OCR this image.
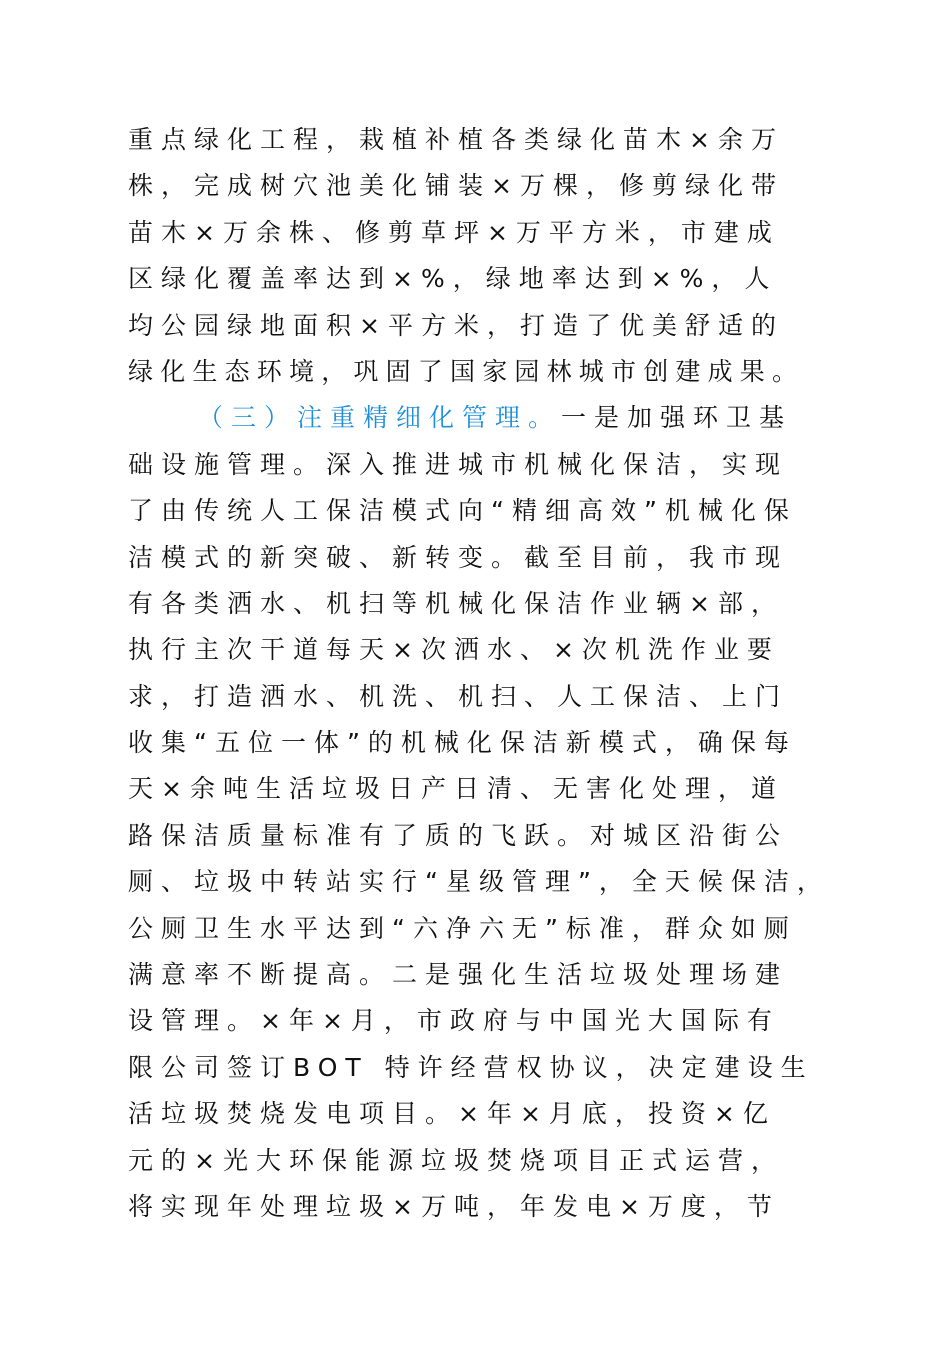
重点绿化工程，栽植补植各类绿化苗木×余万
株，完成树穴池美化铺装×万棵，修剪绿化带
苗木×万余株、修剪草坪×万平方米，市建成
区绿化覆盖率达到×%，绿地率达到×%，人
均公园绿地面积×平方米，打造了优美舒适的
绿化生态环境，巩固了国家园林城市创建成果。
（三）注重精细化管理。一是加强环卫基
础设施管理。深入推进城市机械化保洁，实现
了由传统人工保洁模式向“精细高效”机械化保
洁模式的新突破、新转变。截至目前，我市现
有各类洒水、机扫等机械化保洁作业辆×部，
执行主次干道每天×次洒水、×次机洗作业要
求，打造洒水、机洗、机扫、人工保洁、上门
收集“五位一体”的机械化保洁新模式，确保每
天×余吨生活垃圾日产日清、无害化处理，道
路保洁质量标准有了质的飞跃。对城区沿街公
厕、垃圾中转站实行“星级管理”，全天候保洁，
公厕卫生水平达到“六净六无”标准，群众如厕
满意率不断提高。二是强化生活垃圾处理场建
设管理。×年×月，市政府与中国光大国际有
限公司签订BOT 特许经营权协议，决定建设生
活垃圾焚烧发电项目。×年×月底，投资×亿
元的×光大环保能源垃圾焚烧项目正式运营，
将实现年处理垃圾×万吨，年发电×万度，节
